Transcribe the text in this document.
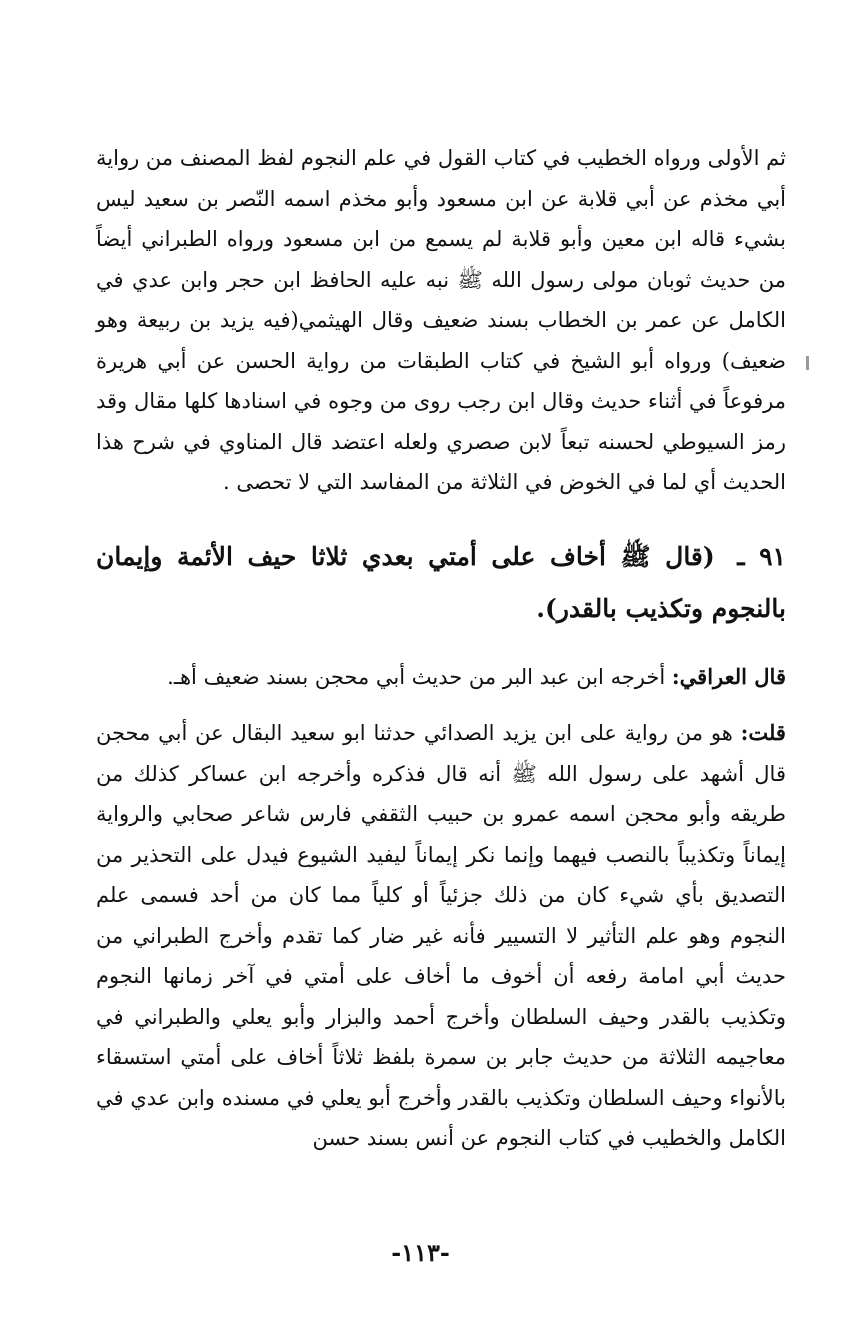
ثم الأولى ورواه الخطيب في كتاب القول في علم النجوم لفظ المصنف من رواية أبي مخذم عن أبي قلابة عن ابن مسعود وأبو مخذم اسمه النّصر بن سعيد ليس بشيء قاله ابن معين وأبو قلابة لم يسمع من ابن مسعود ورواه الطبراني أيضاً من حديث ثوبان مولى رسول الله ﷺ نبه عليه الحافظ ابن حجر وابن عدي في الكامل عن عمر بن الخطاب بسند ضعيف وقال الهيثمي(فيه يزيد بن ربيعة وهو ضعيف) ورواه أبو الشيخ في كتاب الطبقات من رواية الحسن عن أبي هريرة مرفوعاً في أثناء حديث وقال ابن رجب روى من وجوه في اسنادها كلها مقال وقد رمز السيوطي لحسنه تبعاً لابن صصري ولعله اعتضد قال المناوي في شرح هذا الحديث أي لما في الخوض في الثلاثة من المفاسد التي لا تحصى .

٩١ ـ (قال ﷺ أخاف على أمتي بعدي ثلاثا حيف الأئمة وإيمان بالنجوم وتكذيب بالقدر).

قال العراقي: أخرجه ابن عبد البر من حديث أبي محجن بسند ضعيف أهـ.

قلت: هو من رواية على ابن يزيد الصدائي حدثنا ابو سعيد البقال عن أبي محجن قال أشهد على رسول الله ﷺ أنه قال فذكره وأخرجه ابن عساكر كذلك من طريقه وأبو محجن اسمه عمرو بن حبيب الثقفي فارس شاعر صحابي والرواية إيماناً وتكذيباً بالنصب فيهما وإنما نكر إيماناً ليفيد الشيوع فيدل على التحذير من التصديق بأي شيء كان من ذلك جزئياً أو كلياً مما كان من أحد فسمى علم النجوم وهو علم التأثير لا التسيير فأنه غير ضار كما تقدم وأخرج الطبراني من حديث أبي امامة رفعه أن أخوف ما أخاف على أمتي في آخر زمانها النجوم وتكذيب بالقدر وحيف السلطان وأخرج أحمد والبزار وأبو يعلي والطبراني في معاجيمه الثلاثة من حديث جابر بن سمرة بلفظ ثلاثاً أخاف على أمتي استسقاء بالأنواء وحيف السلطان وتكذيب بالقدر وأخرج أبو يعلي في مسنده وابن عدي في الكامل والخطيب في كتاب النجوم عن أنس بسند حسن

-١١٣-
